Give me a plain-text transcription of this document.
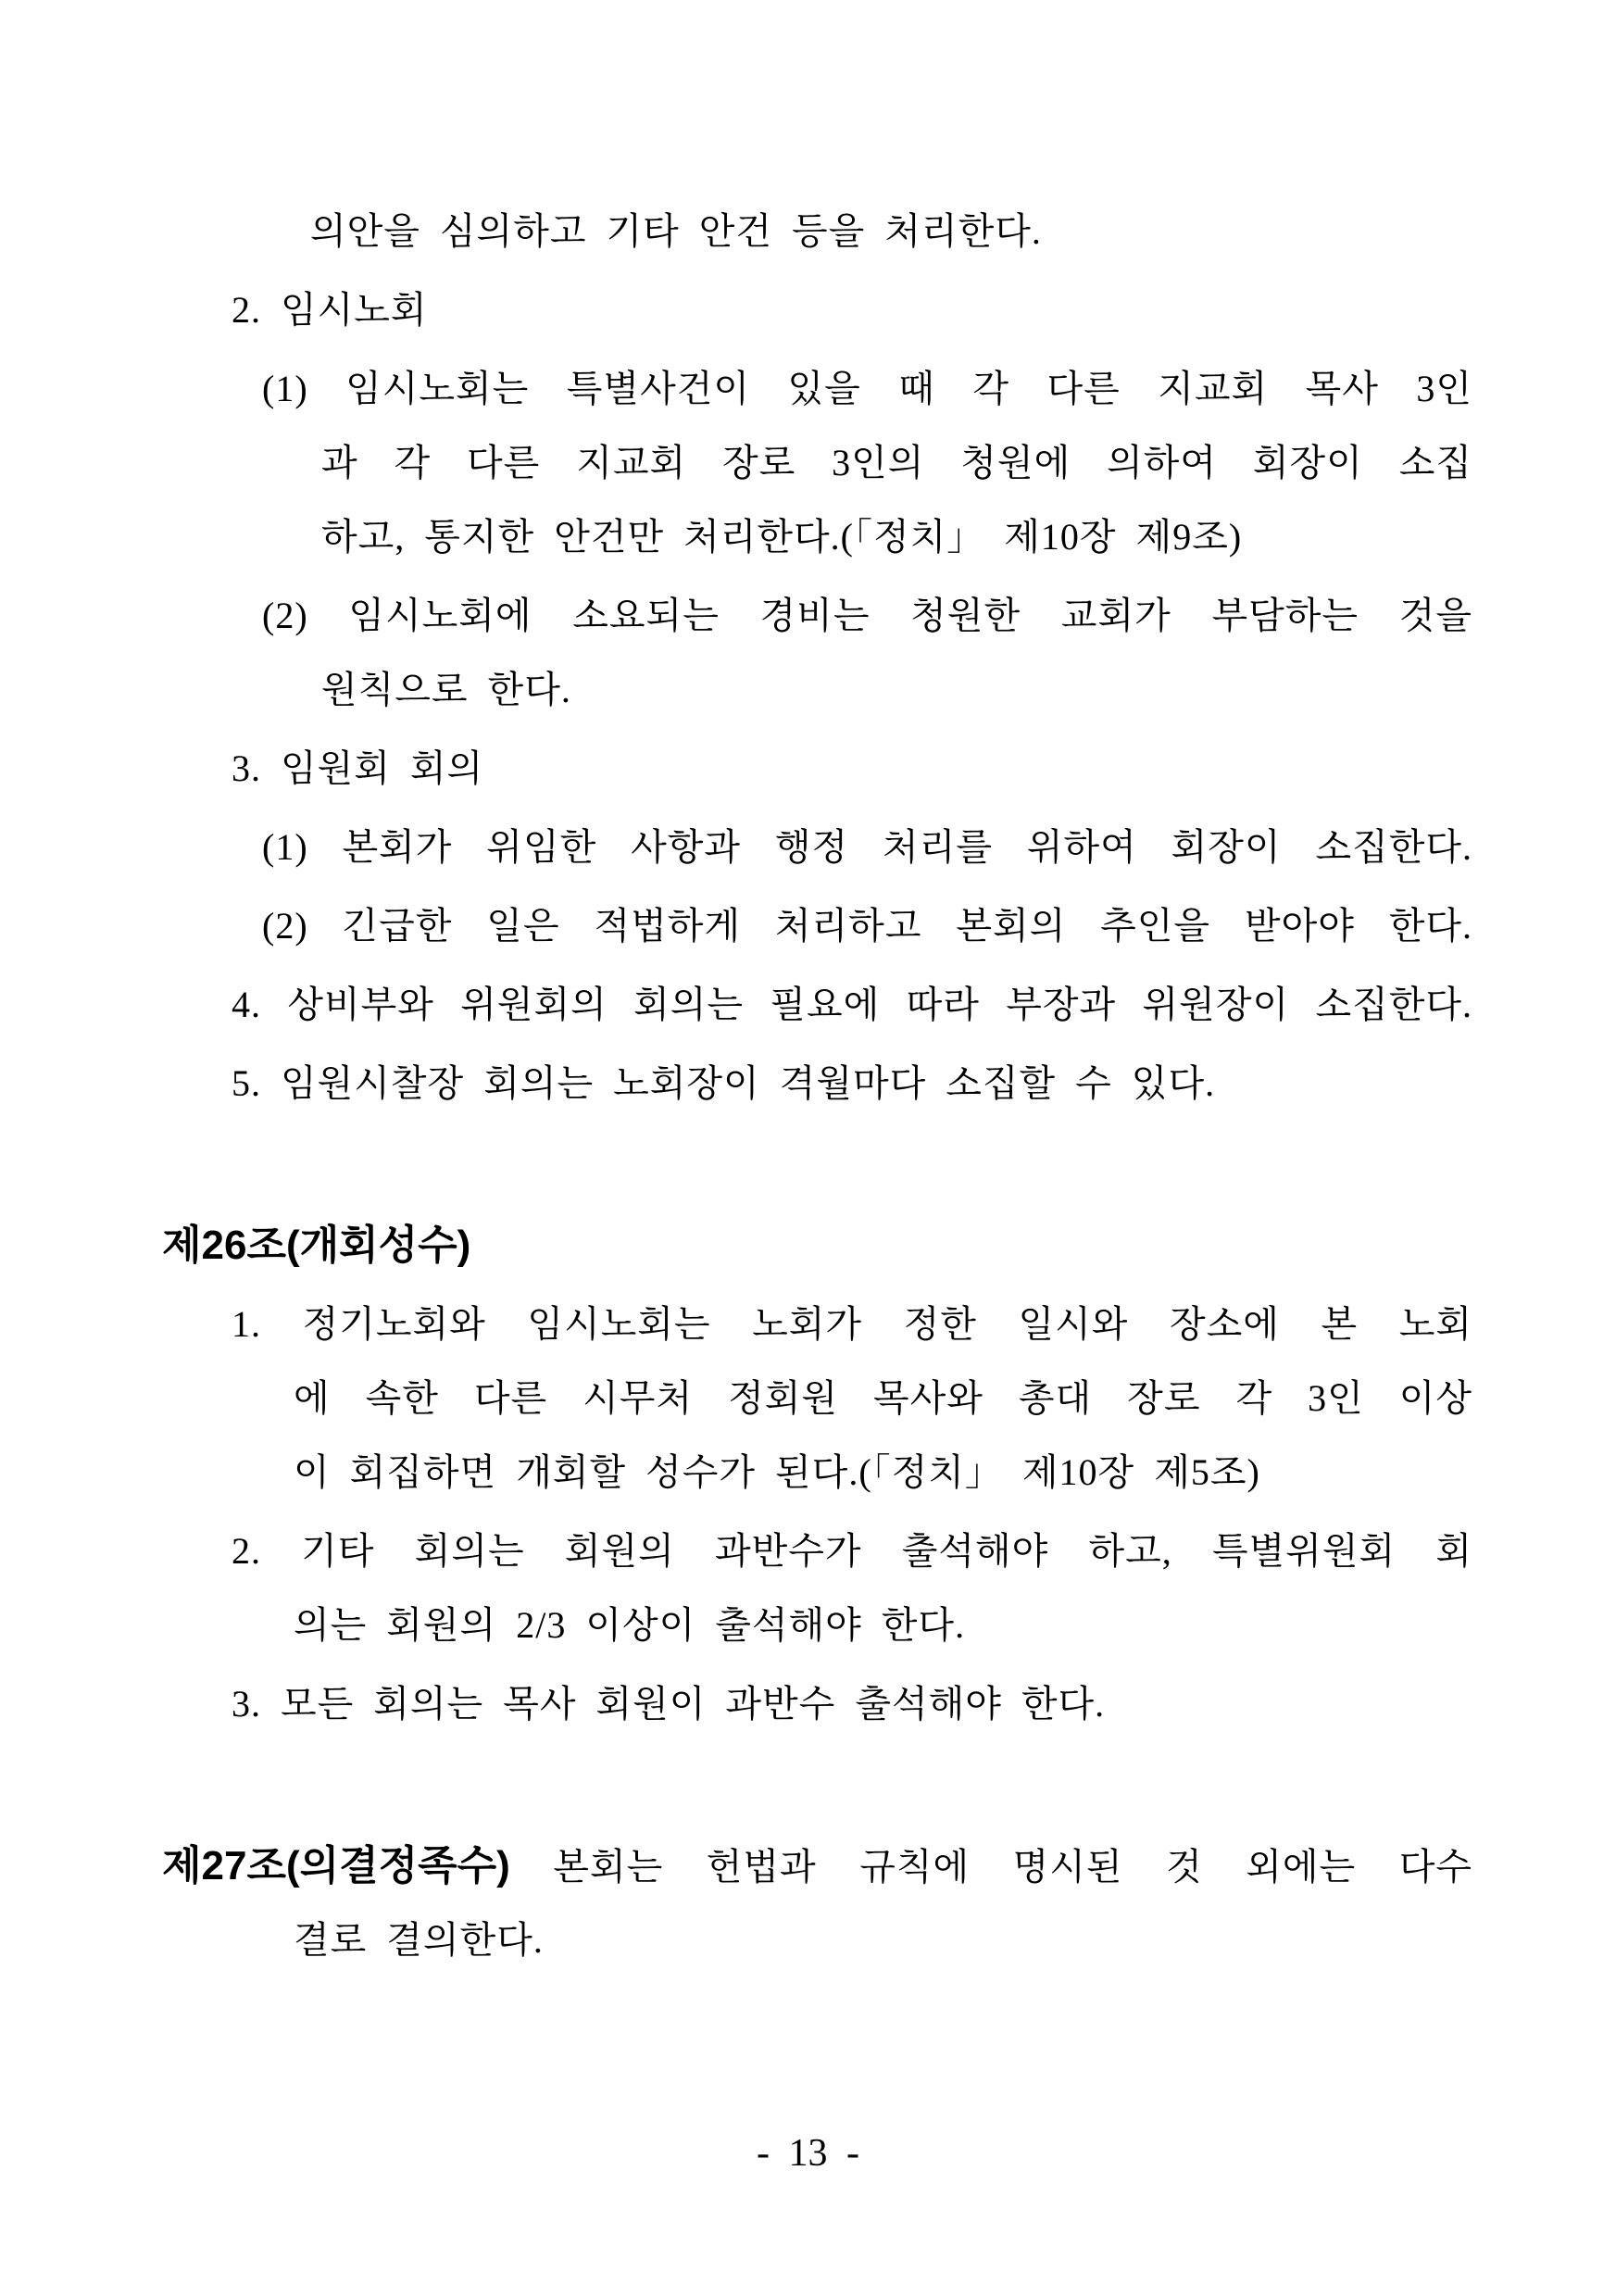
의안을 심의하고 기타 안건 등을 처리한다.
2. 임시노회
(1) 임시노회는 특별사건이 있을 때 각 다른 지교회 목사 3인
과 각 다른 지교회 장로 3인의 청원에 의하여 회장이 소집
하고, 통지한 안건만 처리한다.(「정치」 제10장 제9조)
(2) 임시노회에 소요되는 경비는 청원한 교회가 부담하는 것을
원칙으로 한다.
3. 임원회 회의
(1) 본회가 위임한 사항과 행정 처리를 위하여 회장이 소집한다.
(2) 긴급한 일은 적법하게 처리하고 본회의 추인을 받아야 한다.
4. 상비부와 위원회의 회의는 필요에 따라 부장과 위원장이 소집한다.
5. 임원시찰장 회의는 노회장이 격월마다 소집할 수 있다.
제26조(개회성수)
1. 정기노회와 임시노회는 노회가 정한 일시와 장소에 본 노회
에 속한 다른 시무처 정회원 목사와 총대 장로 각 3인 이상
이 회집하면 개회할 성수가 된다.(「정치」 제10장 제5조)
2. 기타 회의는 회원의 과반수가 출석해야 하고, 특별위원회 회
의는 회원의 2/3 이상이 출석해야 한다.
3. 모든 회의는 목사 회원이 과반수 출석해야 한다.
제27조(의결정족수) 본회는 헌법과 규칙에 명시된 것 외에는 다수
결로 결의한다.
- 13 -
